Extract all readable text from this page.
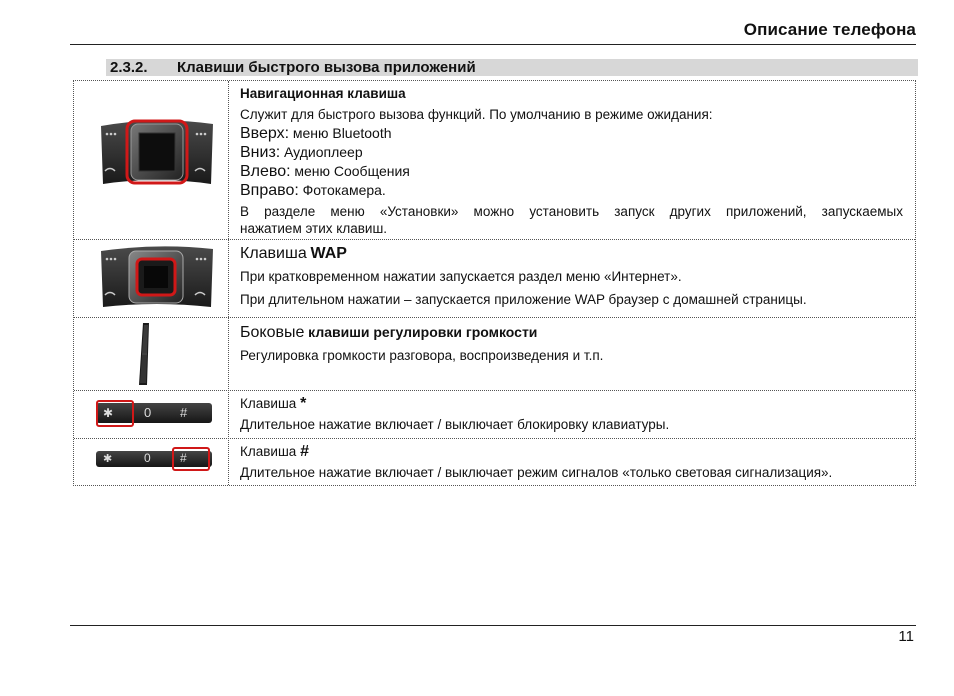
Описание телефона
2.3.2. Клавиши быстрого вызова приложений
Навигационная клавиша
Служит для быстрого вызова функций. По умолчанию в режиме ожидания:
Вверх: меню Bluetooth
Вниз: Аудиоплеер
Влево: меню Сообщения
Вправо: Фотокамера.
В разделе меню «Установки» можно установить запуск других приложений, запускаемых
нажатием этих клавиш.
Клавиша WAP
При кратковременном нажатии запускается раздел меню «Интернет».
При длительном нажатии – запускается приложение WAP браузер с домашней страницы.
Боковые клавиши регулировки громкости
Регулировка громкости разговора, воспроизведения и т.п.
✱ 0 #
Клавиша *
Длительное нажатие включает / выключает блокировку клавиатуры.
✱	0 #	Клавиша #
Длительное нажатие включает / выключает режим сигналов «только световая сигнализация».
11
